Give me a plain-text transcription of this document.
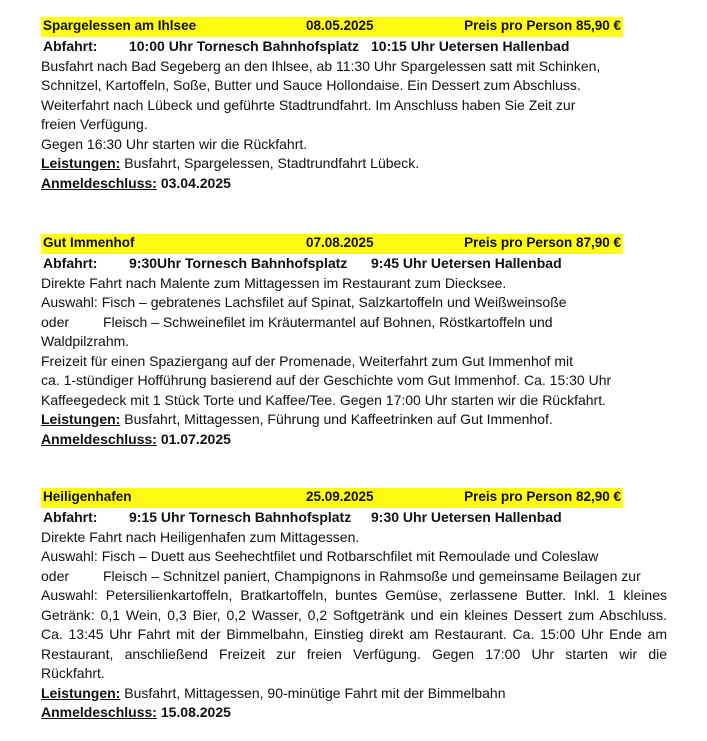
Spargelessen am Ihlsee	08.05.2025	Preis pro Person 85,90 €
Abfahrt: 10:00 Uhr Tornesch Bahnhofsplatz 10:15 Uhr Uetersen Hallenbad
Busfahrt nach Bad Segeberg an den Ihlsee, ab 11:30 Uhr Spargelessen satt mit Schinken,
Schnitzel, Kartoffeln, Soße, Butter und Sauce Hollondaise. Ein Dessert zum Abschluss.
Weiterfahrt nach Lübeck und geführte Stadtrundfahrt. Im Anschluss haben Sie Zeit zur
freien Verfügung.
Gegen 16:30 Uhr starten wir die Rückfahrt.
Leistungen: Busfahrt, Spargelessen, Stadtrundfahrt Lübeck.
Anmeldeschluss: 03.04.2025
Gut Immenhof	07.08.2025	Preis pro Person 87,90 €
Abfahrt: 9:30Uhr Tornesch Bahnhofsplatz 9:45 Uhr Uetersen Hallenbad
Direkte Fahrt nach Malente zum Mittagessen im Restaurant zum Diecksee.
Auswahl: Fisch – gebratenes Lachsfilet auf Spinat, Salzkartoffeln und Weißweinsoße
oder Fleisch – Schweinefilet im Kräutermantel auf Bohnen, Röstkartoffeln und
Waldpilzrahm.
Freizeit für einen Spaziergang auf der Promenade, Weiterfahrt zum Gut Immenhof mit
ca. 1-stündiger Hofführung basierend auf der Geschichte vom Gut Immenhof. Ca. 15:30 Uhr
Kaffeegedeck mit 1 Stück Torte und Kaffee/Tee. Gegen 17:00 Uhr starten wir die Rückfahrt.
Leistungen: Busfahrt, Mittagessen, Führung und Kaffeetrinken auf Gut Immenhof.
Anmeldeschluss: 01.07.2025
Heiligenhafen	25.09.2025	Preis pro Person 82,90 €
Abfahrt: 9:15 Uhr Tornesch Bahnhofsplatz 9:30 Uhr Uetersen Hallenbad
Direkte Fahrt nach Heiligenhafen zum Mittagessen.
Auswahl: Fisch – Duett aus Seehechtfilet und Rotbarschfilet mit Remoulade und Coleslaw
oder Fleisch – Schnitzel paniert, Champignons in Rahmsoße und gemeinsame Beilagen zur
Auswahl: Petersilienkartoffeln, Bratkartoffeln, buntes Gemüse, zerlassene Butter. Inkl. 1 kleines
Getränk: 0,1 Wein, 0,3 Bier, 0,2 Wasser, 0,2 Softgetränk und ein kleines Dessert zum Abschluss.
Ca. 13:45 Uhr Fahrt mit der Bimmelbahn, Einstieg direkt am Restaurant. Ca. 15:00 Uhr Ende am
Restaurant, anschließend Freizeit zur freien Verfügung. Gegen 17:00 Uhr starten wir die
Rückfahrt.
Leistungen: Busfahrt, Mittagessen, 90-minütige Fahrt mit der Bimmelbahn
Anmeldeschluss: 15.08.2025
